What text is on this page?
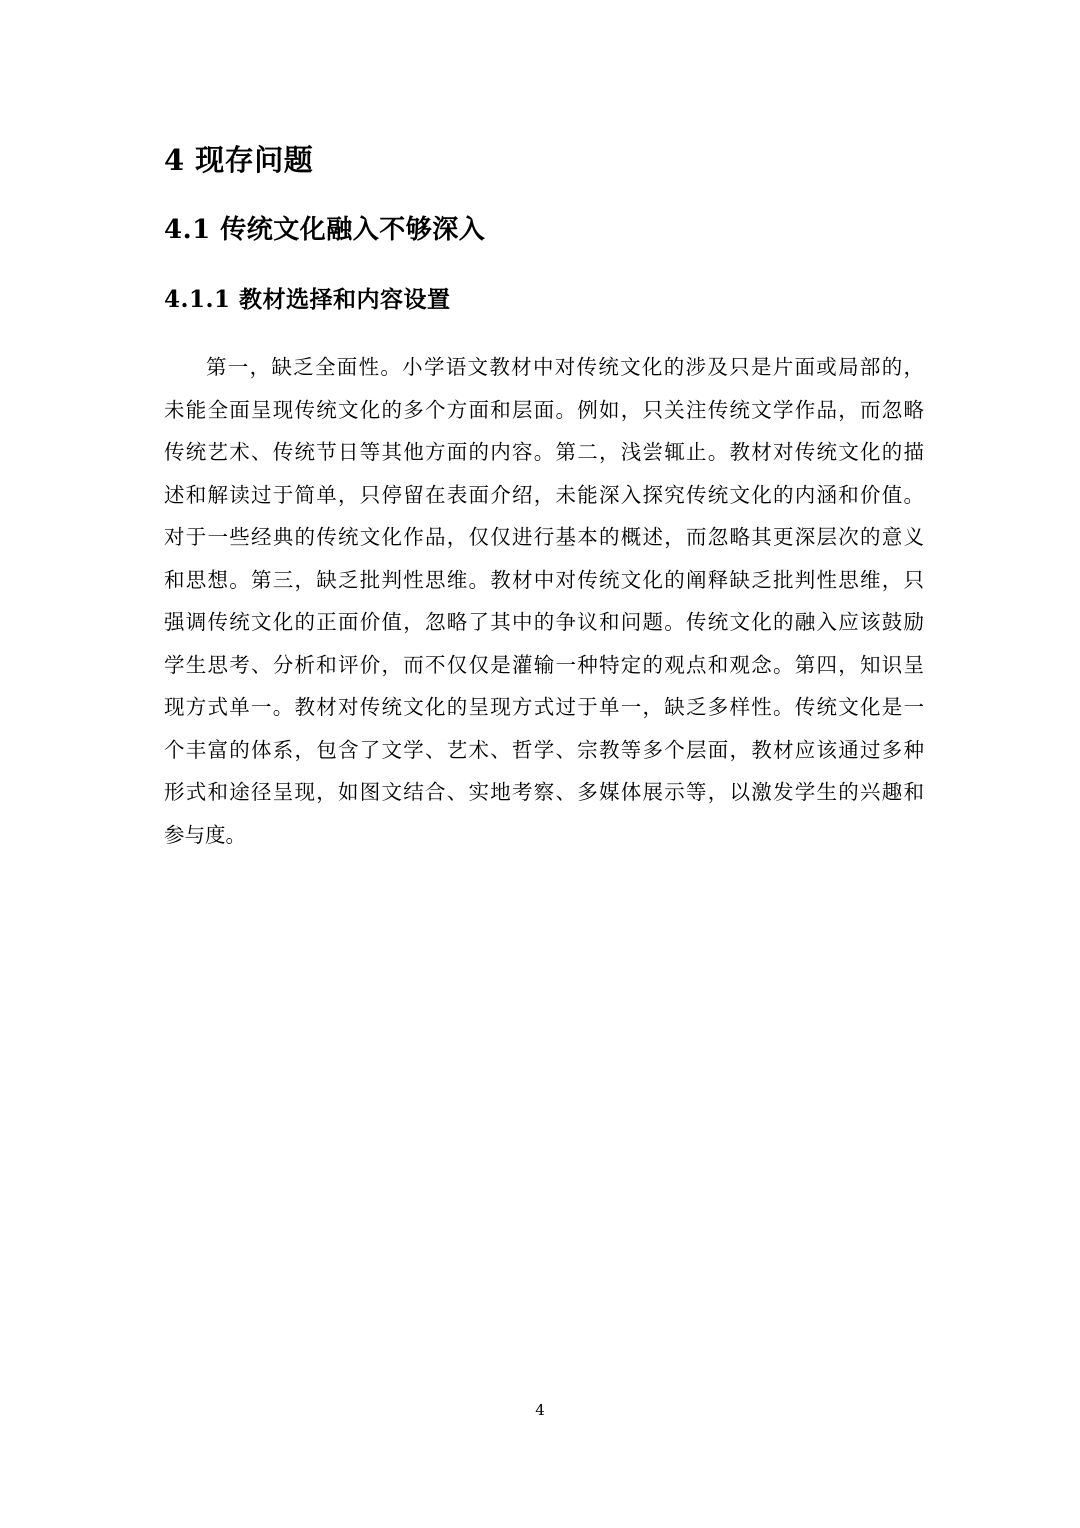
4 现存问题
4.1 传统文化融入不够深入
4.1.1 教材选择和内容设置
第一，缺乏全面性。小学语文教材中对传统文化的涉及只是片面或局部的，
未能全面呈现传统文化的多个方面和层面。例如，只关注传统文学作品，而忽略
传统艺术、传统节日等其他方面的内容。第二，浅尝辄止。教材对传统文化的描
述和解读过于简单，只停留在表面介绍，未能深入探究传统文化的内涵和价值。
对于一些经典的传统文化作品，仅仅进行基本的概述，而忽略其更深层次的意义
和思想。第三，缺乏批判性思维。教材中对传统文化的阐释缺乏批判性思维，只
强调传统文化的正面价值，忽略了其中的争议和问题。传统文化的融入应该鼓励
学生思考、分析和评价，而不仅仅是灌输一种特定的观点和观念。第四，知识呈
现方式单一。教材对传统文化的呈现方式过于单一，缺乏多样性。传统文化是一
个丰富的体系，包含了文学、艺术、哲学、宗教等多个层面，教材应该通过多种
形式和途径呈现，如图文结合、实地考察、多媒体展示等，以激发学生的兴趣和
参与度。
4
